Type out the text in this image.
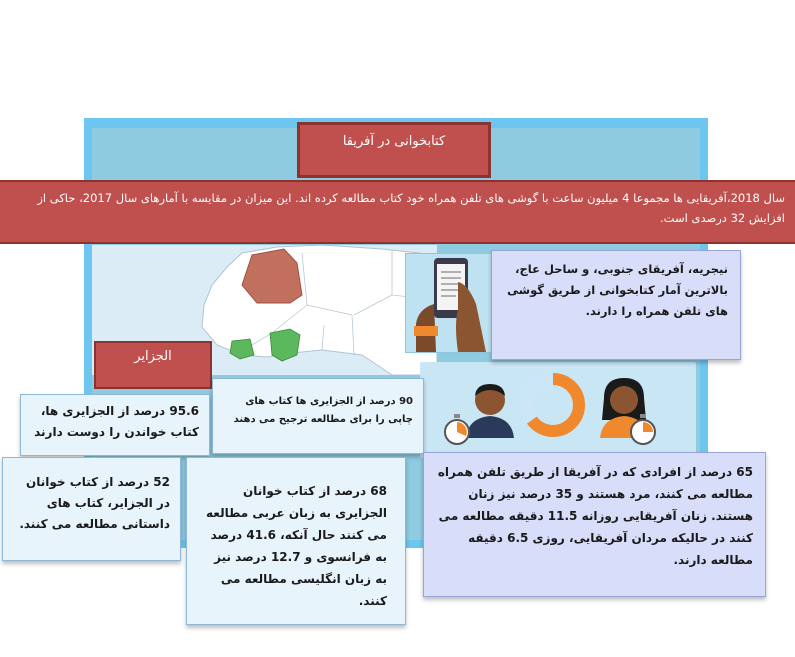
کتابخوانی در آفریقا
سال 2018،آفریقایی ها مجموعا 4 میلیون ساعت با گوشی های تلفن همراه خود کتاب مطالعه کرده اند. این میزان در مقایسه با آمارهای سال 2017، حاکی از افزایش 32 درصدی است.
الجزایر
نیجریه، آفریقای جنوبی، و ساحل عاج، بالاترین آمار کتابخوانی از طریق گوشی های تلفن همراه را دارند.
90 درصد از الجزایری ها کتاب های چاپی را برای مطالعه ترجیح می دهند
95.6 درصد از الجزایری ها، کتاب خواندن را دوست دارند
52 درصد از کتاب خوانان در الجزایر، کتاب های داستانی مطالعه می کنند.
68 درصد از کتاب خوانان الجزایری به زبان عربی مطالعه می کنند حال آنکه، 41.6 درصد به فرانسوی و 12.7 درصد نیز به زبان انگلیسی مطالعه می کنند.
65 درصد از افرادی که در آفریقا از طریق تلفن همراه مطالعه می کنند، مرد هستند و 35 درصد نیز زنان هستند. زنان آفریقایی روزانه 11.5 دقیقه مطالعه می کنند در حالیکه مردان آفریقایی، روزی 6.5 دقیقه مطالعه دارند.
